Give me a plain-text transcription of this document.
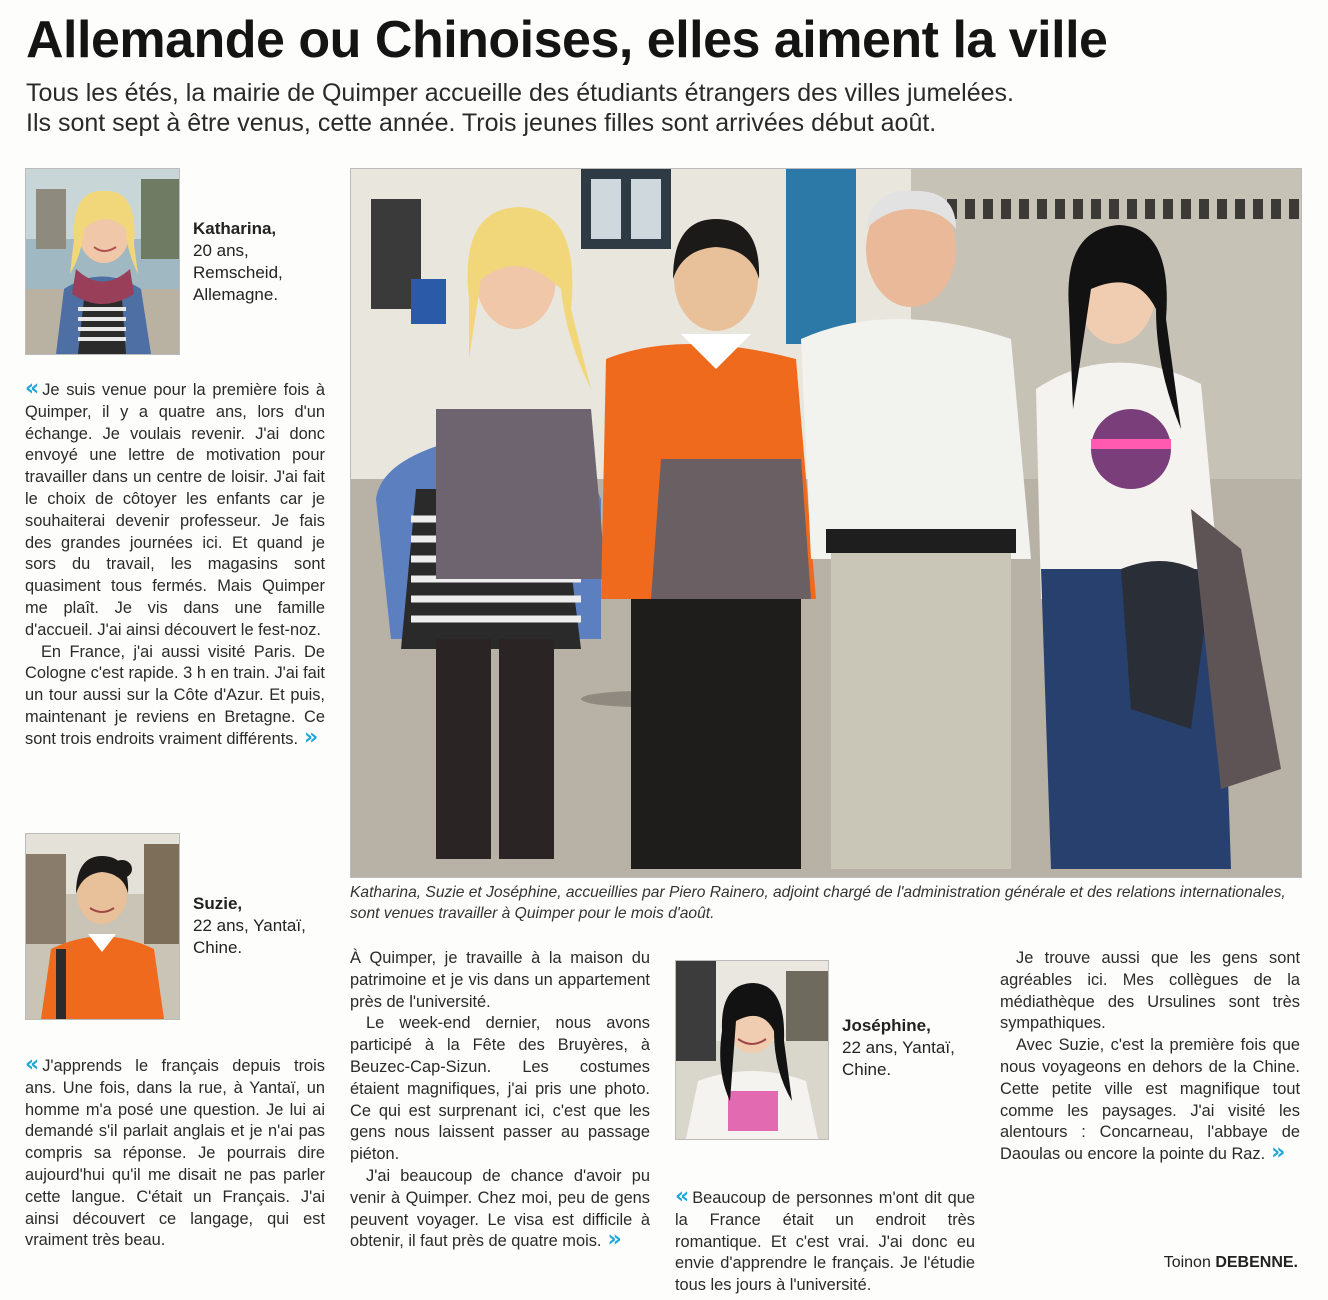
Allemande ou Chinoises, elles aiment la ville
Tous les étés, la mairie de Quimper accueille des étudiants étrangers des villes jumelées.
Ils sont sept à être venus, cette année. Trois jeunes filles sont arrivées début août.
Katharina,
20 ans,
Remscheid,
Allemagne.

« Je suis venue pour la première fois à Quimper, il y a quatre ans, lors d'un échange. Je voulais revenir. J'ai donc envoyé une lettre de motivation pour travailler dans un centre de loisir. J'ai fait le choix de côtoyer les enfants car je souhaiterai devenir professeur. Je fais des grandes journées ici. Et quand je sors du travail, les magasins sont quasiment tous fermés. Mais Quimper me plaît. Je vis dans une famille d'accueil. J'ai ainsi découvert le fest-noz.

En France, j'ai aussi visité Paris. De Cologne c'est rapide. 3 h en train. J'ai fait un tour aussi sur la Côte d'Azur. Et puis, maintenant je reviens en Bretagne. Ce sont trois endroits vraiment différents. »

Suzie,
22 ans, Yantaï,
Chine.

« J'apprends le français depuis trois ans. Une fois, dans la rue, à Yantaï, un homme m'a posé une question. Je lui ai demandé s'il parlait anglais et je n'ai pas compris sa réponse. Je pourrais dire aujourd'hui qu'il me disait ne pas parler cette langue. C'était un Français. J'ai ainsi découvert ce langage, qui est vraiment très beau.

Katharina, Suzie et Joséphine, accueillies par Piero Rainero, adjoint chargé de l'administration générale et des relations internationales, sont venues travailler à Quimper pour le mois d'août.

À Quimper, je travaille à la maison du patrimoine et je vis dans un appartement près de l'université.

Le week-end dernier, nous avons participé à la Fête des Bruyères, à Beuzec-Cap-Sizun. Les costumes étaient magnifiques, j'ai pris une photo. Ce qui est surprenant ici, c'est que les gens nous laissent passer au passage piéton.

J'ai beaucoup de chance d'avoir pu venir à Quimper. Chez moi, peu de gens peuvent voyager. Le visa est difficile à obtenir, il faut près de quatre mois. »

Joséphine,
22 ans, Yantaï,
Chine.

« Beaucoup de personnes m'ont dit que la France était un endroit très romantique. Et c'est vrai. J'ai donc eu envie d'apprendre le français. Je l'étudie tous les jours à l'université.

Je trouve aussi que les gens sont agréables ici. Mes collègues de la médiathèque des Ursulines sont très sympathiques.

Avec Suzie, c'est la première fois que nous voyageons en dehors de la Chine. Cette petite ville est magnifique tout comme les paysages. J'ai visité les alentours : Concarneau, l'abbaye de Daoulas ou encore la pointe du Raz. »

Toinon DEBENNE.
